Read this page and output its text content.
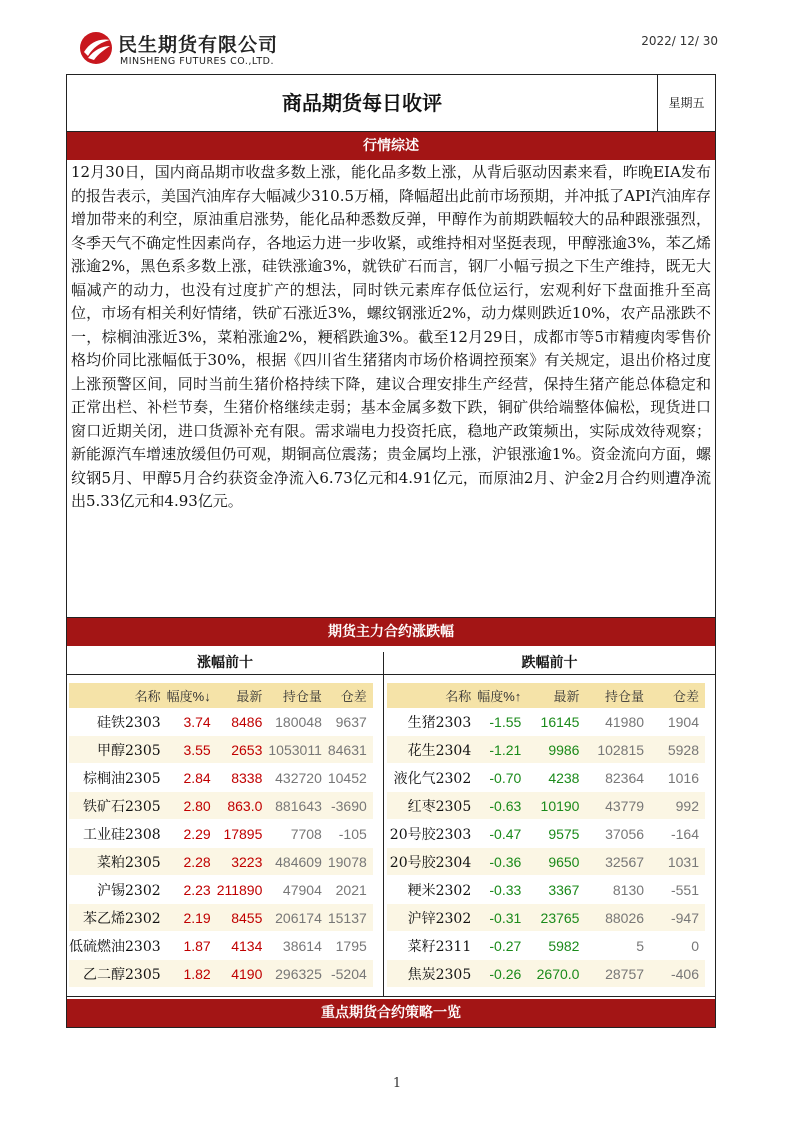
民生期货有限公司
MINSHENG FUTURES CO.,LTD.
2022/ 12/ 30
商品期货每日收评	星期五
行情综述

12月30日，国内商品期市收盘多数上涨，能化品多数上涨，从背后驱动因素来看，昨晚EIA发布的报告表示，美国汽油库存大幅减少310.5万桶，降幅超出此前市场预期，并冲抵了API汽油库存增加带来的利空，原油重启涨势，能化品种悉数反弹，甲醇作为前期跌幅较大的品种跟涨强烈，冬季天气不确定性因素尚存，各地运力进一步收紧，或维持相对坚挺表现，甲醇涨逾3%，苯乙烯涨逾2%，黑色系多数上涨，硅铁涨逾3%，就铁矿石而言，钢厂小幅亏损之下生产维持，既无大幅减产的动力，也没有过度扩产的想法，同时铁元素库存低位运行，宏观利好下盘面推升至高位，市场有相关利好情绪，铁矿石涨近3%，螺纹钢涨近2%，动力煤则跌近10%，农产品涨跌不一，棕榈油涨近3%，菜粕涨逾2%，粳稻跌逾3%。截至12月29日，成都市等5市精瘦肉零售价格均价同比涨幅低于30%，根据《四川省生猪猪肉市场价格调控预案》有关规定，退出价格过度上涨预警区间，同时当前生猪价格持续下降，建议合理安排生产经营，保持生猪产能总体稳定和正常出栏、补栏节奏，生猪价格继续走弱；基本金属多数下跌，铜矿供给端整体偏松，现货进口窗口近期关闭，进口货源补充有限。需求端电力投资托底，稳地产政策频出，实际成效待观察；新能源汽车增速放缓但仍可观，期铜高位震荡；贵金属均上涨，沪银涨逾1%。资金流向方面，螺纹钢5月、甲醇5月合约获资金净流入6.73亿元和4.91亿元，而原油2月、沪金2月合约则遭净流出5.33亿元和4.93亿元。

期货主力合约涨跌幅
涨幅前十	跌幅前十
名称	幅度%↓	最新	持仓量	仓差
硅铁2303	3.74	8486	180048	9637
甲醇2305	3.55	2653	1053011	84631
棕榈油2305	2.84	8338	432720	10452
铁矿石2305	2.80	863.0	881643	-3690
工业硅2308	2.29	17895	7708	-105
菜粕2305	2.28	3223	484609	19078
沪锡2302	2.23	211890	47904	2021
苯乙烯2302	2.19	8455	206174	15137
低硫燃油2303	1.87	4134	38614	1795
乙二醇2305	1.82	4190	296325	-5204
名称	幅度%↑	最新	持仓量	仓差
生猪2303	-1.55	16145	41980	1904
花生2304	-1.21	9986	102815	5928
液化气2302	-0.70	4238	82364	1016
红枣2305	-0.63	10190	43779	992
20号胶2303	-0.47	9575	37056	-164
20号胶2304	-0.36	9650	32567	1031
粳米2302	-0.33	3367	8130	-551
沪锌2302	-0.31	23765	88026	-947
菜籽2311	-0.27	5982	5	0
焦炭2305	-0.26	2670.0	28757	-406
重点期货合约策略一览
1
